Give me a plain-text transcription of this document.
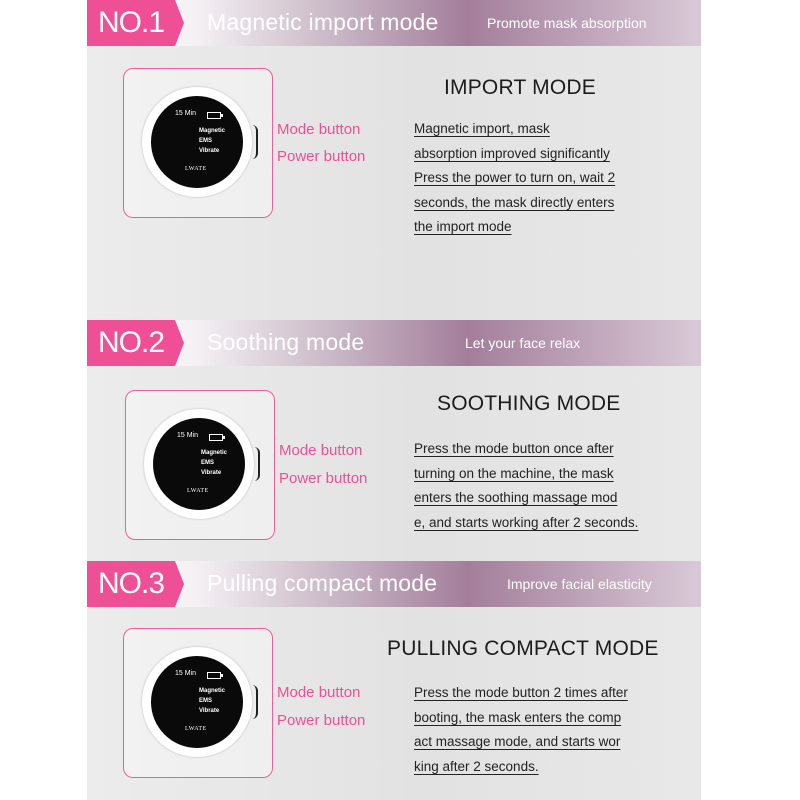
NO.1	Magnetic import mode	Promote mask absorption
15 Min
Magnetic
EMS
Vibrate
LWATE
Mode button
Power button
IMPORT MODE
Magnetic import, mask
absorption improved significantly
Press the power to turn on, wait 2
seconds, the mask directly enters
the import mode
NO.2	Soothing mode	Let your face relax
15 Min
Magnetic
EMS
Vibrate
LWATE
Mode button
Power button
SOOTHING MODE
Press the mode button once after
turning on the machine, the mask
enters the soothing massage mod
e, and starts working after 2 seconds.
NO.3	Pulling compact mode	Improve facial elasticity
15 Min
Magnetic
EMS
Vibrate
LWATE
Mode button
Power button
PULLING COMPACT MODE
Press the mode button 2 times after
booting, the mask enters the comp
act massage mode, and starts wor
king after 2 seconds.
